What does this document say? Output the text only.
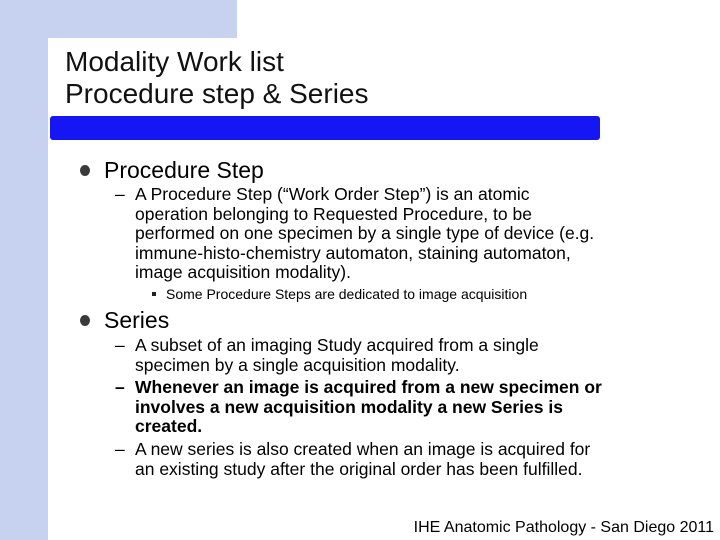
Modality Work list
Procedure step & Series
Procedure Step
– A Procedure Step (“Work Order Step”) is an atomic
operation belonging to Requested Procedure, to be
performed on one specimen by a single type of device (e.g.
immune-histo-chemistry automaton, staining automaton,
image acquisition modality).
Some Procedure Steps are dedicated to image acquisition
Series
– A subset of an imaging Study acquired from a single
specimen by a single acquisition modality.
– Whenever an image is acquired from a new specimen or
involves a new acquisition modality a new Series is
created.
– A new series is also created when an image is acquired for
an existing study after the original order has been fulfilled.
IHE Anatomic Pathology - San Diego 2011
